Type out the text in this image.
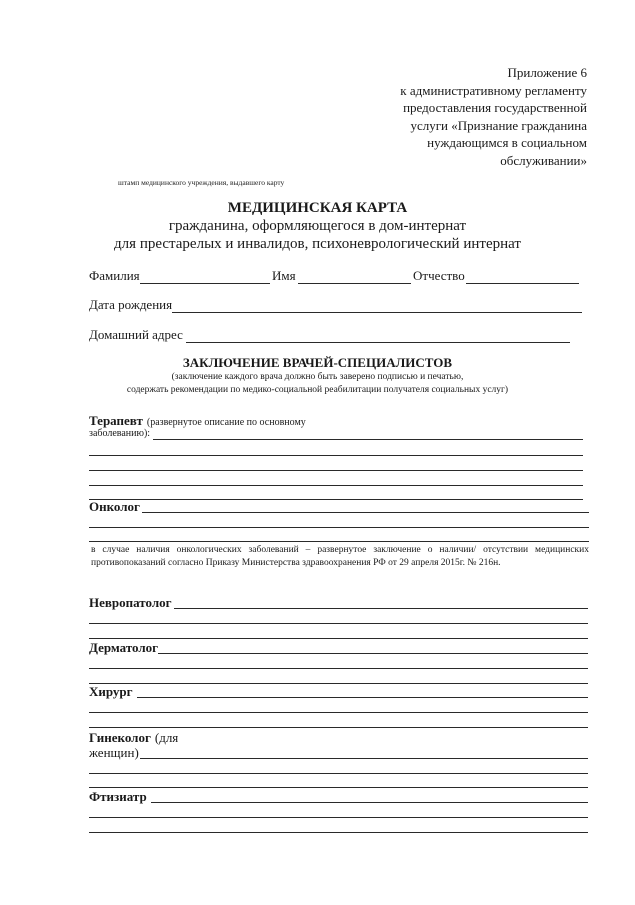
Приложение 6
к административному регламенту
предоставления государственной
услуги «Признание гражданина
нуждающимся в социальном
обслуживании»
штамп медицинского учреждения, выдавшего карту
МЕДИЦИНСКАЯ КАРТА
гражданина, оформляющегося в дом-интернат
для престарелых и инвалидов, психоневрологический интернат
Фамилия	Имя	Отчество
Дата рождения
Домашний адрес
ЗАКЛЮЧЕНИЕ ВРАЧЕЙ-СПЕЦИАЛИСТОВ
(заключение каждого врача должно быть заверено подписью и печатью,
содержать рекомендации по медико-социальной реабилитации получателя социальных услуг)
Терапевт (развернутое описание по основному
заболеванию):
Онколог
в случае наличия онкологических заболеваний – развернутое заключение о наличии/ отсутствии медицинских противопоказаний согласно Приказу Министерства здравоохранения РФ от 29 апреля 2015г. № 216н.
Невропатолог
Дерматолог
Хирург
Гинеколог (для
женщин)
Фтизиатр
